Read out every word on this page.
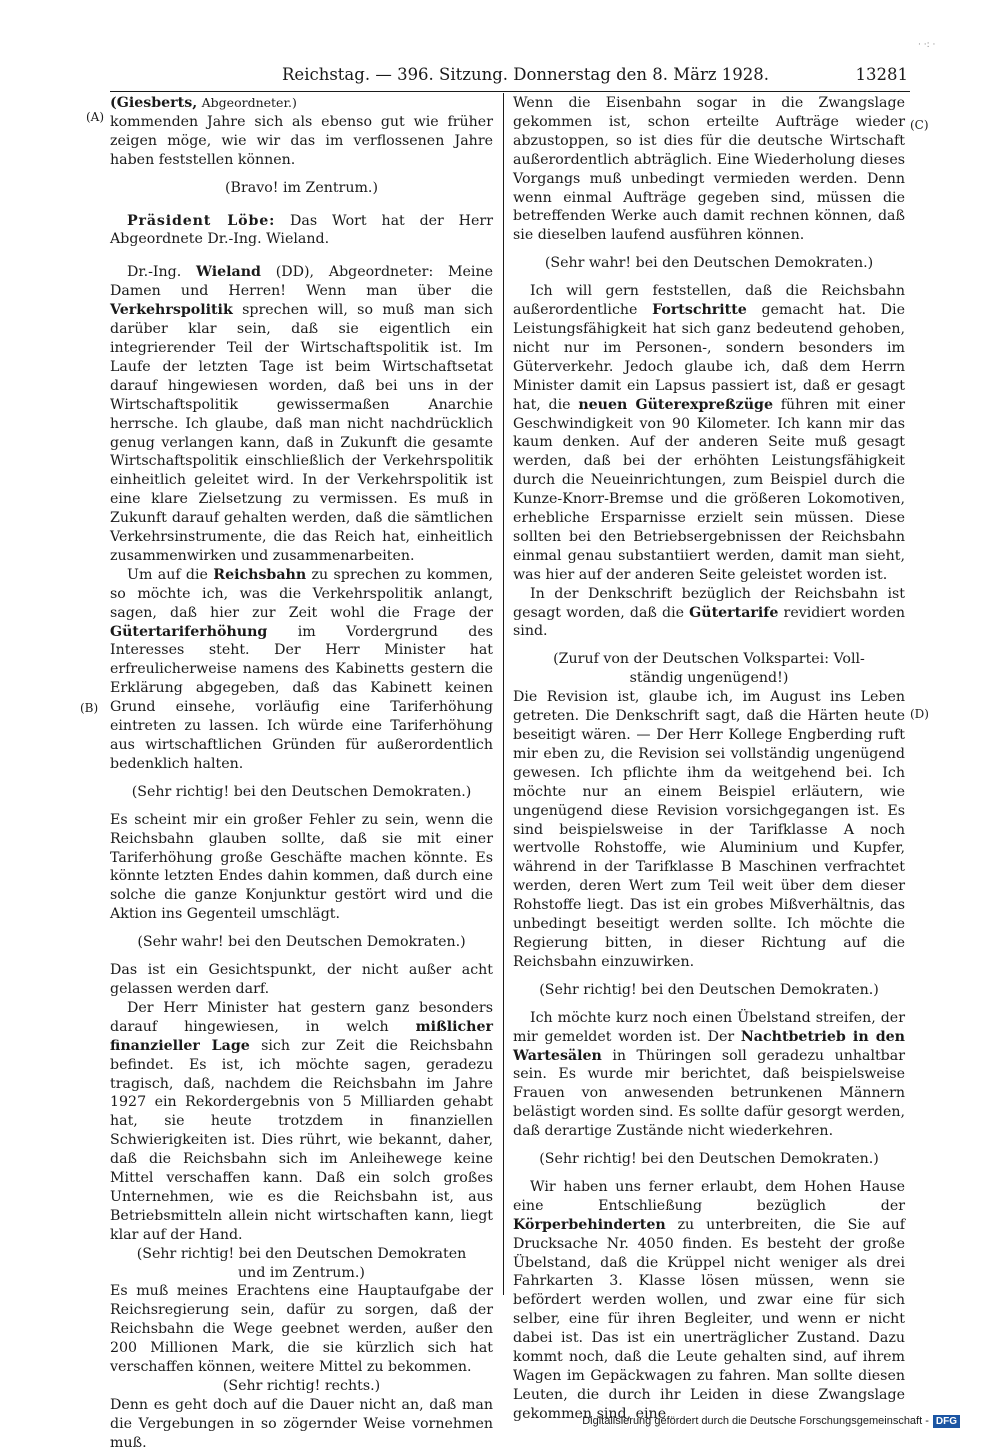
· ·: ·
Reichstag. — 396. Sitzung. Donnerstag den 8. März 1928.	13281
(A)
(B)
(C)
(D)

(Giesberts, Abgeordneter.)

kommenden Jahre sich als ebenso gut wie früher zeigen möge, wie wir das im verflossenen Jahre haben feststellen können.

(Bravo! im Zentrum.)

Präsident Löbe: Das Wort hat der Herr Abgeordnete Dr.-Ing. Wieland.

Dr.-Ing. Wieland (DD), Abgeordneter: Meine Damen und Herren! Wenn man über die Verkehrspolitik sprechen will, so muß man sich darüber klar sein, daß sie eigentlich ein integrierender Teil der Wirtschaftspolitik ist. Im Laufe der letzten Tage ist beim Wirtschaftsetat darauf hingewiesen worden, daß bei uns in der Wirtschaftspolitik gewissermaßen Anarchie herrsche. Ich glaube, daß man nicht nachdrücklich genug verlangen kann, daß in Zukunft die gesamte Wirtschaftspolitik einschließlich der Verkehrspolitik einheitlich geleitet wird. In der Verkehrspolitik ist eine klare Zielsetzung zu vermissen. Es muß in Zukunft darauf gehalten werden, daß die sämtlichen Verkehrsinstrumente, die das Reich hat, einheitlich zusammenwirken und zusammenarbeiten.

Um auf die Reichsbahn zu sprechen zu kommen, so möchte ich, was die Verkehrspolitik anlangt, sagen, daß hier zur Zeit wohl die Frage der Gütertariferhöhung im Vordergrund des Interesses steht. Der Herr Minister hat erfreulicherweise namens des Kabinetts gestern die Erklärung abgegeben, daß das Kabinett keinen Grund einsehe, vorläufig eine Tariferhöhung eintreten zu lassen. Ich würde eine Tariferhöhung aus wirtschaftlichen Gründen für außerordentlich bedenklich halten.

(Sehr richtig! bei den Deutschen Demokraten.)

Es scheint mir ein großer Fehler zu sein, wenn die Reichsbahn glauben sollte, daß sie mit einer Tariferhöhung große Geschäfte machen könnte. Es könnte letzten Endes dahin kommen, daß durch eine solche die ganze Konjunktur gestört wird und die Aktion ins Gegenteil umschlägt.

(Sehr wahr! bei den Deutschen Demokraten.)

Das ist ein Gesichtspunkt, der nicht außer acht gelassen werden darf.

Der Herr Minister hat gestern ganz besonders darauf hingewiesen, in welch mißlicher finanzieller Lage sich zur Zeit die Reichsbahn befindet. Es ist, ich möchte sagen, geradezu tragisch, daß, nachdem die Reichsbahn im Jahre 1927 ein Rekordergebnis von 5 Milliarden gehabt hat, sie heute trotzdem in finanziellen Schwierigkeiten ist. Dies rührt, wie bekannt, daher, daß die Reichsbahn sich im Anleihewege keine Mittel verschaffen kann. Daß ein solch großes Unternehmen, wie es die Reichsbahn ist, aus Betriebsmitteln allein nicht wirtschaften kann, liegt klar auf der Hand.

(Sehr richtig! bei den Deutschen Demokraten

und im Zentrum.)

Es muß meines Erachtens eine Hauptaufgabe der Reichsregierung sein, dafür zu sorgen, daß der Reichsbahn die Wege geebnet werden, außer den 200 Millionen Mark, die sie kürzlich sich hat verschaffen können, weitere Mittel zu bekommen.

(Sehr richtig! rechts.)

Denn es geht doch auf die Dauer nicht an, daß man die Vergebungen in so zögernder Weise vornehmen muß.

Wenn die Eisenbahn sogar in die Zwangslage gekommen ist, schon erteilte Aufträge wieder abzustoppen, so ist dies für die deutsche Wirtschaft außerordentlich abträglich. Eine Wiederholung dieses Vorgangs muß unbedingt vermieden werden. Denn wenn einmal Aufträge gegeben sind, müssen die betreffenden Werke auch damit rechnen können, daß sie dieselben laufend ausführen können.

(Sehr wahr! bei den Deutschen Demokraten.)

Ich will gern feststellen, daß die Reichsbahn außerordentliche Fortschritte gemacht hat. Die Leistungsfähigkeit hat sich ganz bedeutend gehoben, nicht nur im Personen-, sondern besonders im Güterverkehr. Jedoch glaube ich, daß dem Herrn Minister damit ein Lapsus passiert ist, daß er gesagt hat, die neuen Güterexpreßzüge führen mit einer Geschwindigkeit von 90 Kilometer. Ich kann mir das kaum denken. Auf der anderen Seite muß gesagt werden, daß bei der erhöhten Leistungsfähigkeit durch die Neueinrichtungen, zum Beispiel durch die Kunze-Knorr-Bremse und die größeren Lokomotiven, erhebliche Ersparnisse erzielt sein müssen. Diese sollten bei den Betriebsergebnissen der Reichsbahn einmal genau substantiiert werden, damit man sieht, was hier auf der anderen Seite geleistet worden ist.

In der Denkschrift bezüglich der Reichsbahn ist gesagt worden, daß die Gütertarife revidiert worden sind.

(Zuruf von der Deutschen Volkspartei: Voll-

ständig ungenügend!)

Die Revision ist, glaube ich, im August ins Leben getreten. Die Denkschrift sagt, daß die Härten heute beseitigt wären. — Der Herr Kollege Engberding ruft mir eben zu, die Revision sei vollständig ungenügend gewesen. Ich pflichte ihm da weitgehend bei. Ich möchte nur an einem Beispiel erläutern, wie ungenügend diese Revision vorsichgegangen ist. Es sind beispielsweise in der Tarifklasse A noch wertvolle Rohstoffe, wie Aluminium und Kupfer, während in der Tarifklasse B Maschinen verfrachtet werden, deren Wert zum Teil weit über dem dieser Rohstoffe liegt. Das ist ein grobes Mißverhältnis, das unbedingt beseitigt werden sollte. Ich möchte die Regierung bitten, in dieser Richtung auf die Reichsbahn einzuwirken.

(Sehr richtig! bei den Deutschen Demokraten.)

Ich möchte kurz noch einen Übelstand streifen, der mir gemeldet worden ist. Der Nachtbetrieb in den Wartesälen in Thüringen soll geradezu unhaltbar sein. Es wurde mir berichtet, daß beispielsweise Frauen von anwesenden betrunkenen Männern belästigt worden sind. Es sollte dafür gesorgt werden, daß derartige Zustände nicht wiederkehren.

(Sehr richtig! bei den Deutschen Demokraten.)

Wir haben uns ferner erlaubt, dem Hohen Hause eine Entschließung bezüglich der Körperbehinderten zu unterbreiten, die Sie auf Drucksache Nr. 4050 finden. Es besteht der große Übelstand, daß die Krüppel nicht weniger als drei Fahrkarten 3. Klasse lösen müssen, wenn sie befördert werden wollen, und zwar eine für sich selber, eine für ihren Begleiter, und wenn er nicht dabei ist. Das ist ein unerträglicher Zustand. Dazu kommt noch, daß die Leute gehalten sind, auf ihrem Wagen im Gepäckwagen zu fahren. Man sollte diesen Leuten, die durch ihr Leiden in diese Zwangslage gekommen sind, eine

Digitalisierung gefördert durch die Deutsche Forschungsgemeinschaft - DFG
